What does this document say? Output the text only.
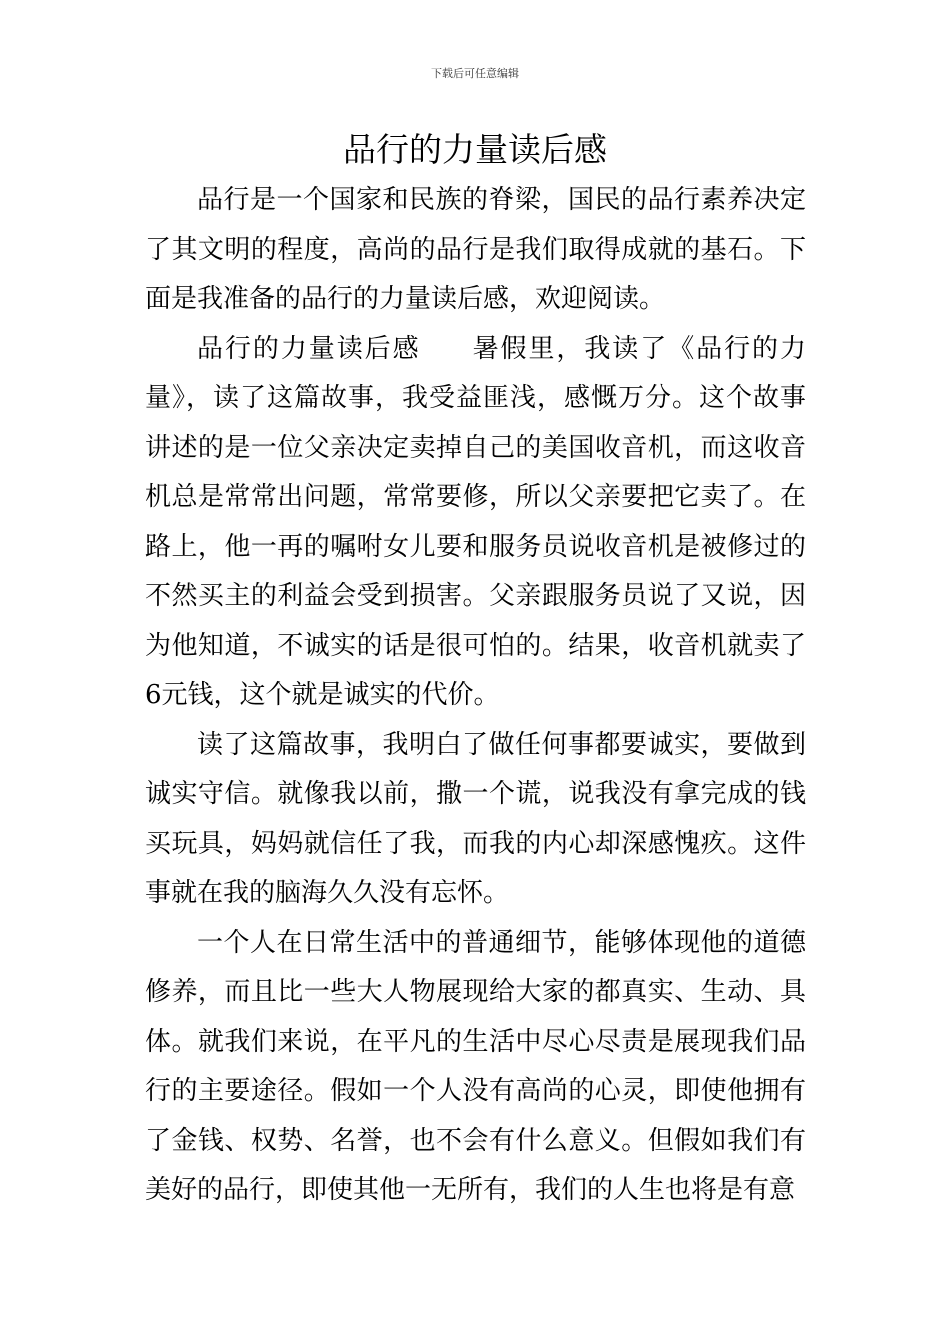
下载后可任意编辑
品行的力量读后感

品行是一个国家和民族的脊梁，国民的品行素养决定了其文明的程度，高尚的品行是我们取得成就的基石。下面是我准备的品行的力量读后感，欢迎阅读。

品行的力量读后感 暑假里，我读了《品行的力量》，读了这篇故事，我受益匪浅，感慨万分。这个故事讲述的是一位父亲决定卖掉自己的美国收音机，而这收音机总是常常出问题，常常要修，所以父亲要把它卖了。在路上，他一再的嘱咐女儿要和服务员说收音机是被修过的不然买主的利益会受到损害。父亲跟服务员说了又说，因为他知道，不诚实的话是很可怕的。结果，收音机就卖了6元钱，这个就是诚实的代价。

读了这篇故事，我明白了做任何事都要诚实，要做到诚实守信。就像我以前，撒一个谎，说我没有拿完成的钱买玩具，妈妈就信任了我，而我的内心却深感愧疚。这件事就在我的脑海久久没有忘怀。

一个人在日常生活中的普通细节，能够体现他的道德修养，而且比一些大人物展现给大家的都真实、生动、具体。就我们来说，在平凡的生活中尽心尽责是展现我们品行的主要途径。假如一个人没有高尚的心灵，即使他拥有了金钱、权势、名誉，也不会有什么意义。但假如我们有美好的品行，即使其他一无所有，我们的人生也将是有意
